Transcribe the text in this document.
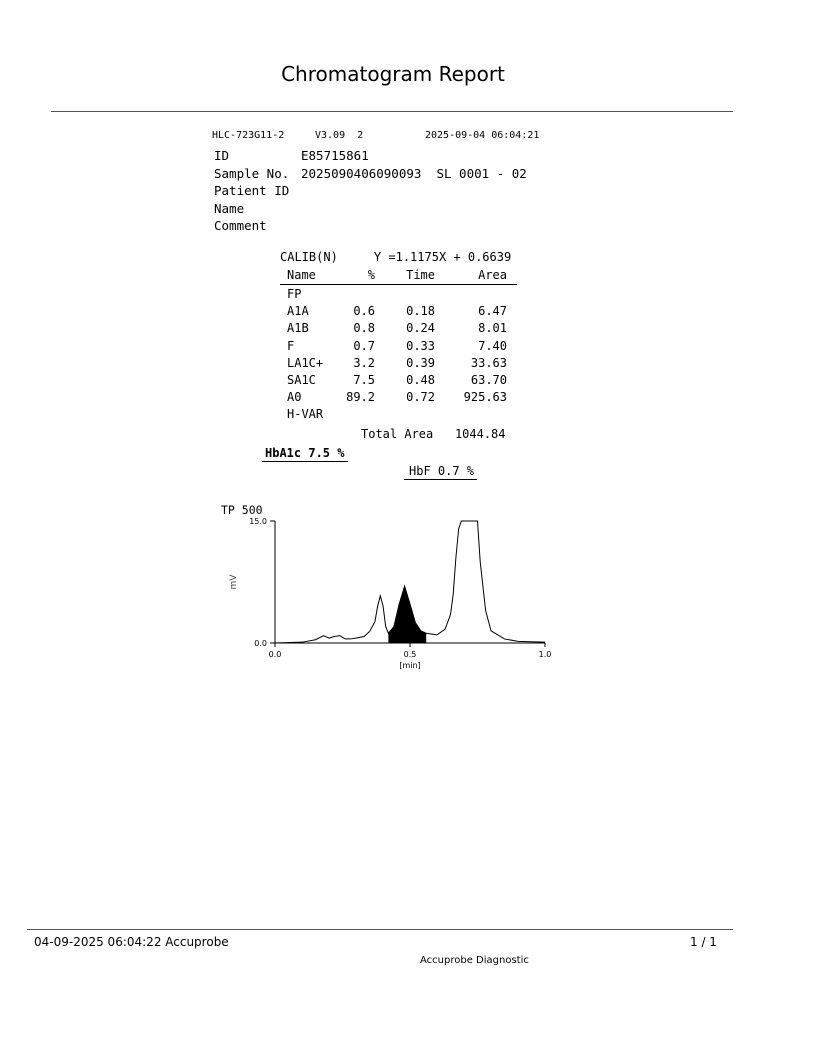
Chromatogram Report

HLC-723G11-2

	V3.09  2

	2025-09-04 06:04:21

ID	E85715861
Sample No. 2025090406090093  SL 0001 - 02
Patient ID
Name
Comment
CALIB(N)	Y =1.1175X + 0.6639
Name	%	Time	Area
FP
A1A	0.6	0.18	6.47
A1B	0.8	0.24	8.01
F	0.7	0.33	7.40
LA1C+	3.2	0.39	33.63
SA1C	7.5	0.48	63.70
A0	89.2	0.72 925.63
H-VAR
Total Area 1044.84
HbA1c 7.5 %
HbF 0.7 %
TP 500
15.0
0.0
0.0	0.5	1.0
[min]
mV
04-09-2025 06:04:22 Accuprobe	1 / 1
Accuprobe Diagnostic
